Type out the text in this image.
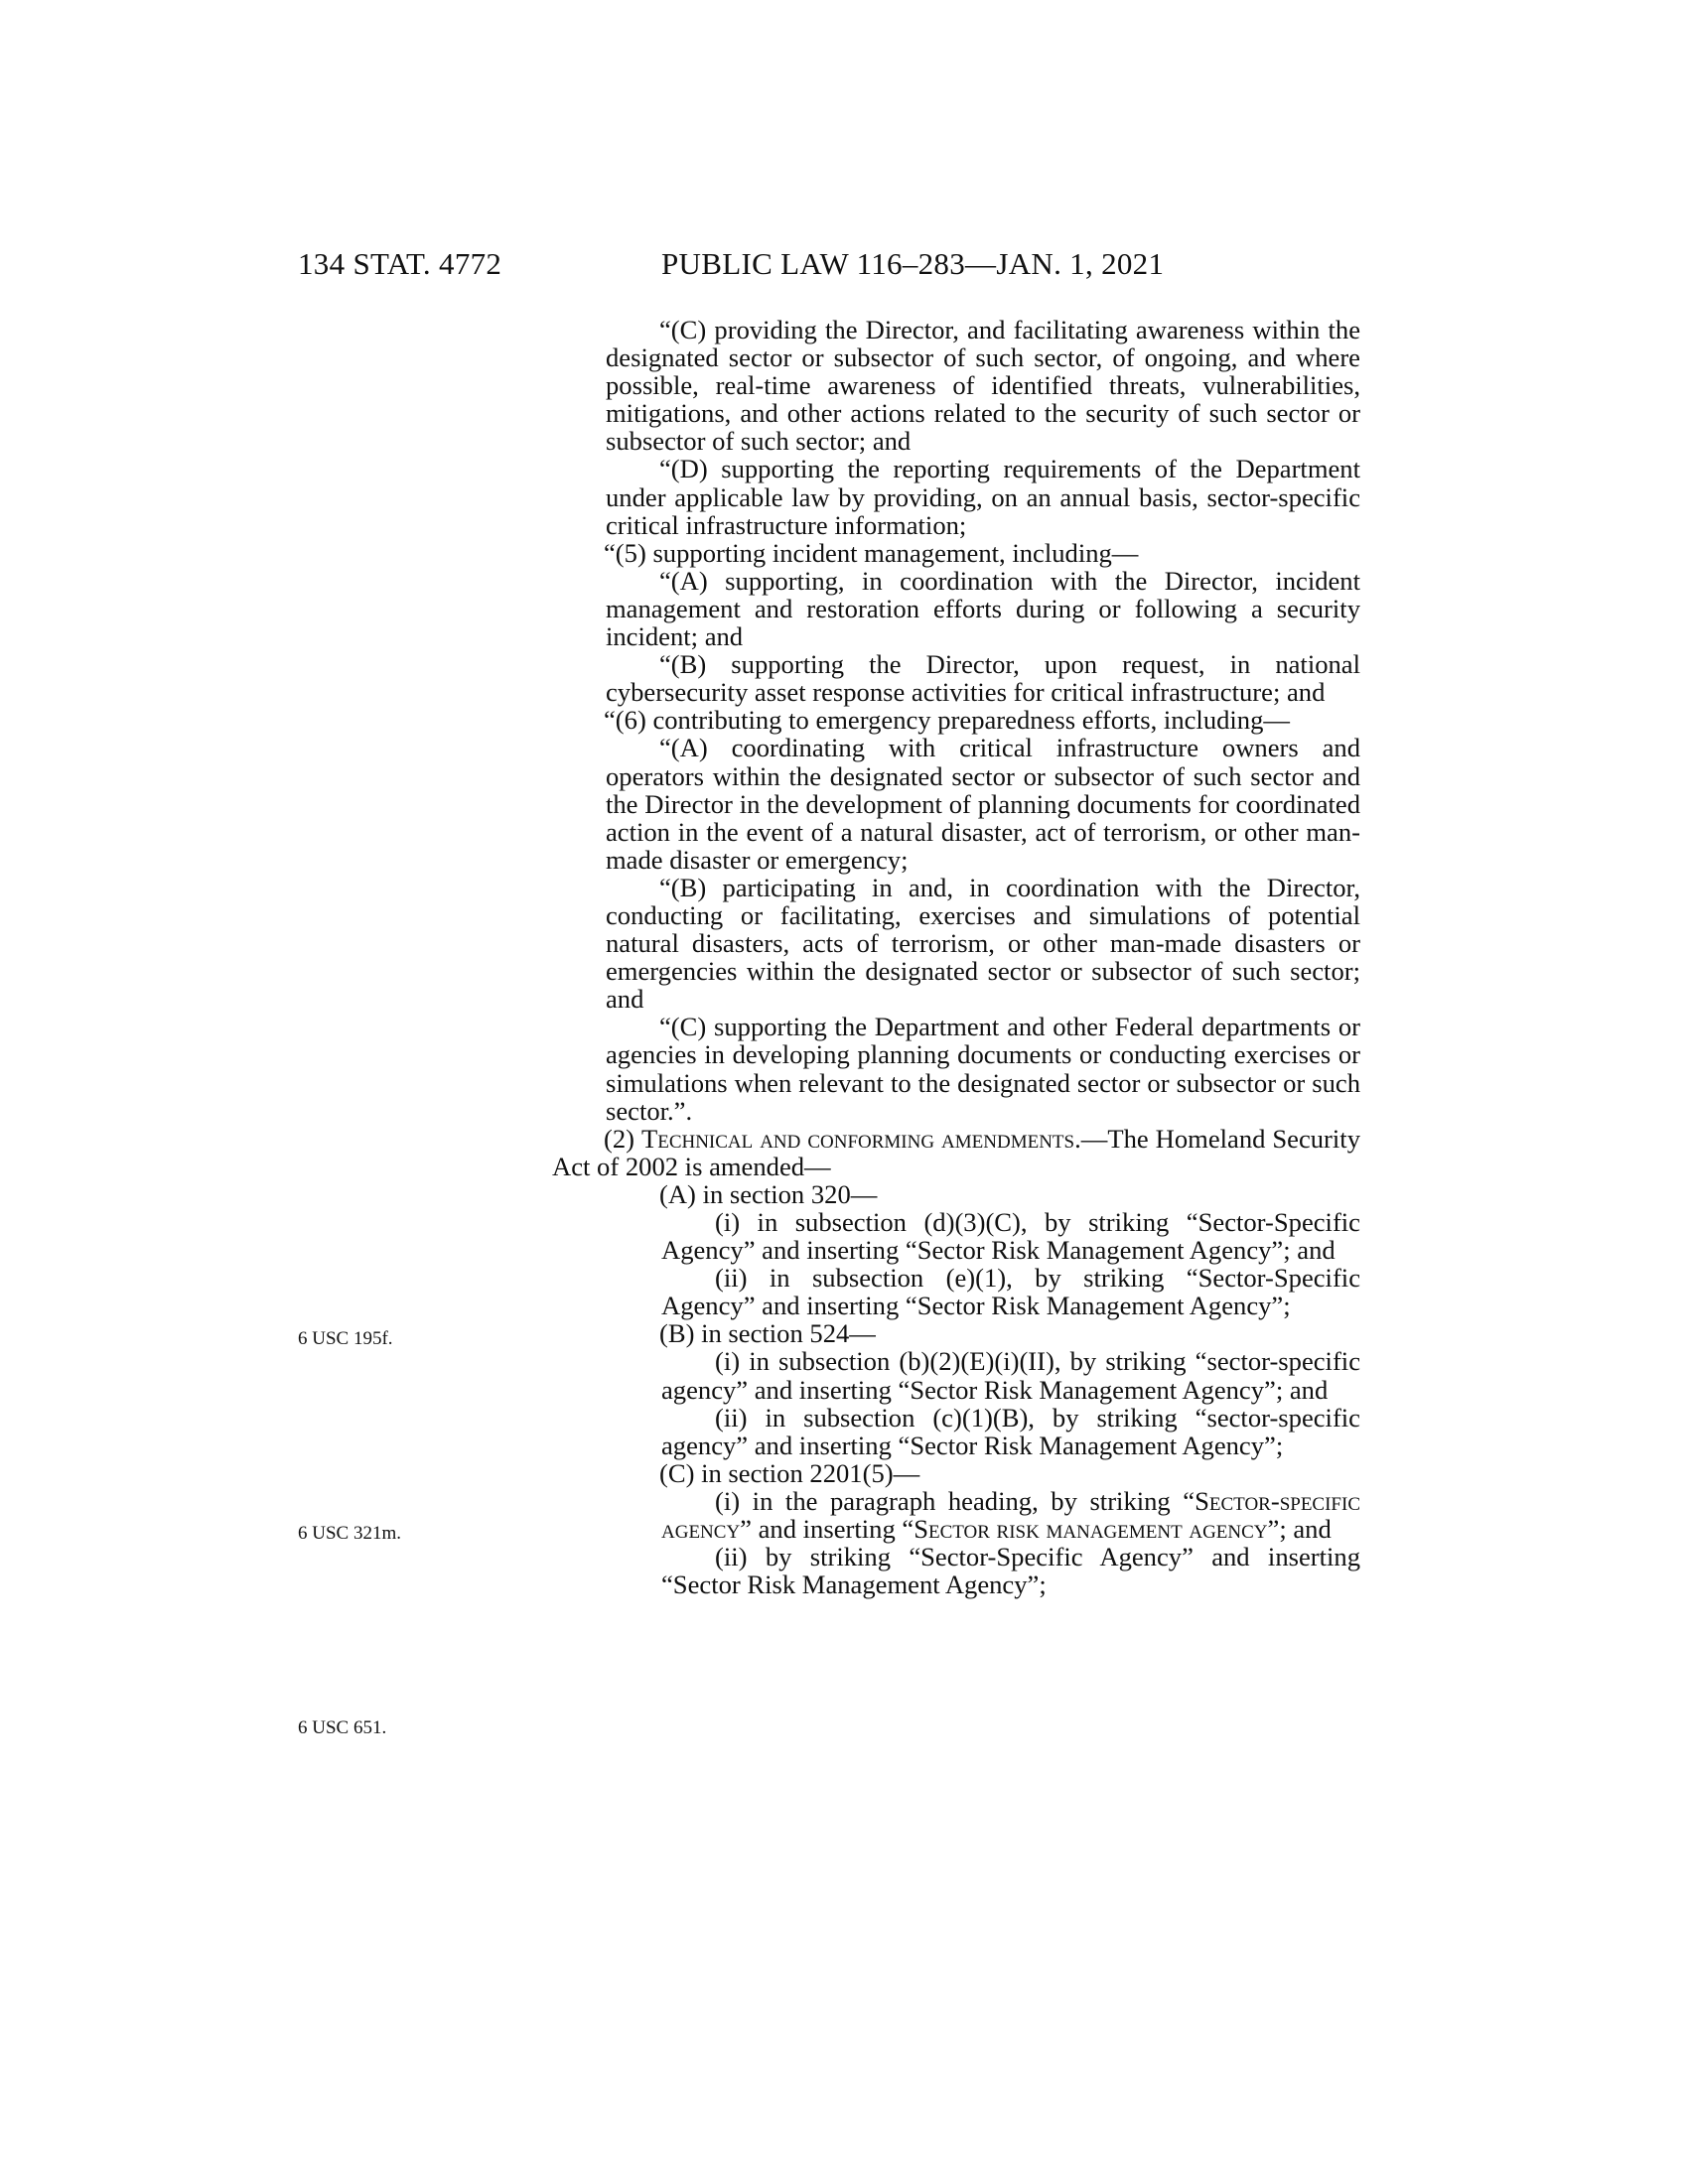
134 STAT. 4772	PUBLIC LAW 116–283—JAN. 1, 2021
6 USC 195f.
6 USC 321m.
6 USC 651.

“(C) providing the Director, and facilitating awareness within the designated sector or subsector of such sector, of ongoing, and where possible, real-time awareness of identified threats, vulnerabilities, mitigations, and other actions related to the security of such sector or subsector of such sector; and

“(D) supporting the reporting requirements of the Department under applicable law by providing, on an annual basis, sector-specific critical infrastructure information;

“(5) supporting incident management, including—

“(A) supporting, in coordination with the Director, incident management and restoration efforts during or following a security incident; and

“(B) supporting the Director, upon request, in national cybersecurity asset response activities for critical infrastructure; and

“(6) contributing to emergency preparedness efforts, including—

“(A) coordinating with critical infrastructure owners and operators within the designated sector or subsector of such sector and the Director in the development of planning documents for coordinated action in the event of a natural disaster, act of terrorism, or other man-made disaster or emergency;

“(B) participating in and, in coordination with the Director, conducting or facilitating, exercises and simulations of potential natural disasters, acts of terrorism, or other man-made disasters or emergencies within the designated sector or subsector of such sector; and

“(C) supporting the Department and other Federal departments or agencies in developing planning documents or conducting exercises or simulations when relevant to the designated sector or subsector or such sector.”.

(2) Technical and conforming amendments.—The Homeland Security Act of 2002 is amended—

(A) in section 320—

(i) in subsection (d)(3)(C), by striking “Sector-Specific Agency” and inserting “Sector Risk Management Agency”; and

(ii) in subsection (e)(1), by striking “Sector-Specific Agency” and inserting “Sector Risk Management Agency”;

(B) in section 524—

(i) in subsection (b)(2)(E)(i)(II), by striking “sector-specific agency” and inserting “Sector Risk Management Agency”; and

(ii) in subsection (c)(1)(B), by striking “sector-specific agency” and inserting “Sector Risk Management Agency”;

(C) in section 2201(5)—

(i) in the paragraph heading, by striking “Sector-specific agency” and inserting “Sector risk management agency”; and

(ii) by striking “Sector-Specific Agency” and inserting “Sector Risk Management Agency”;
